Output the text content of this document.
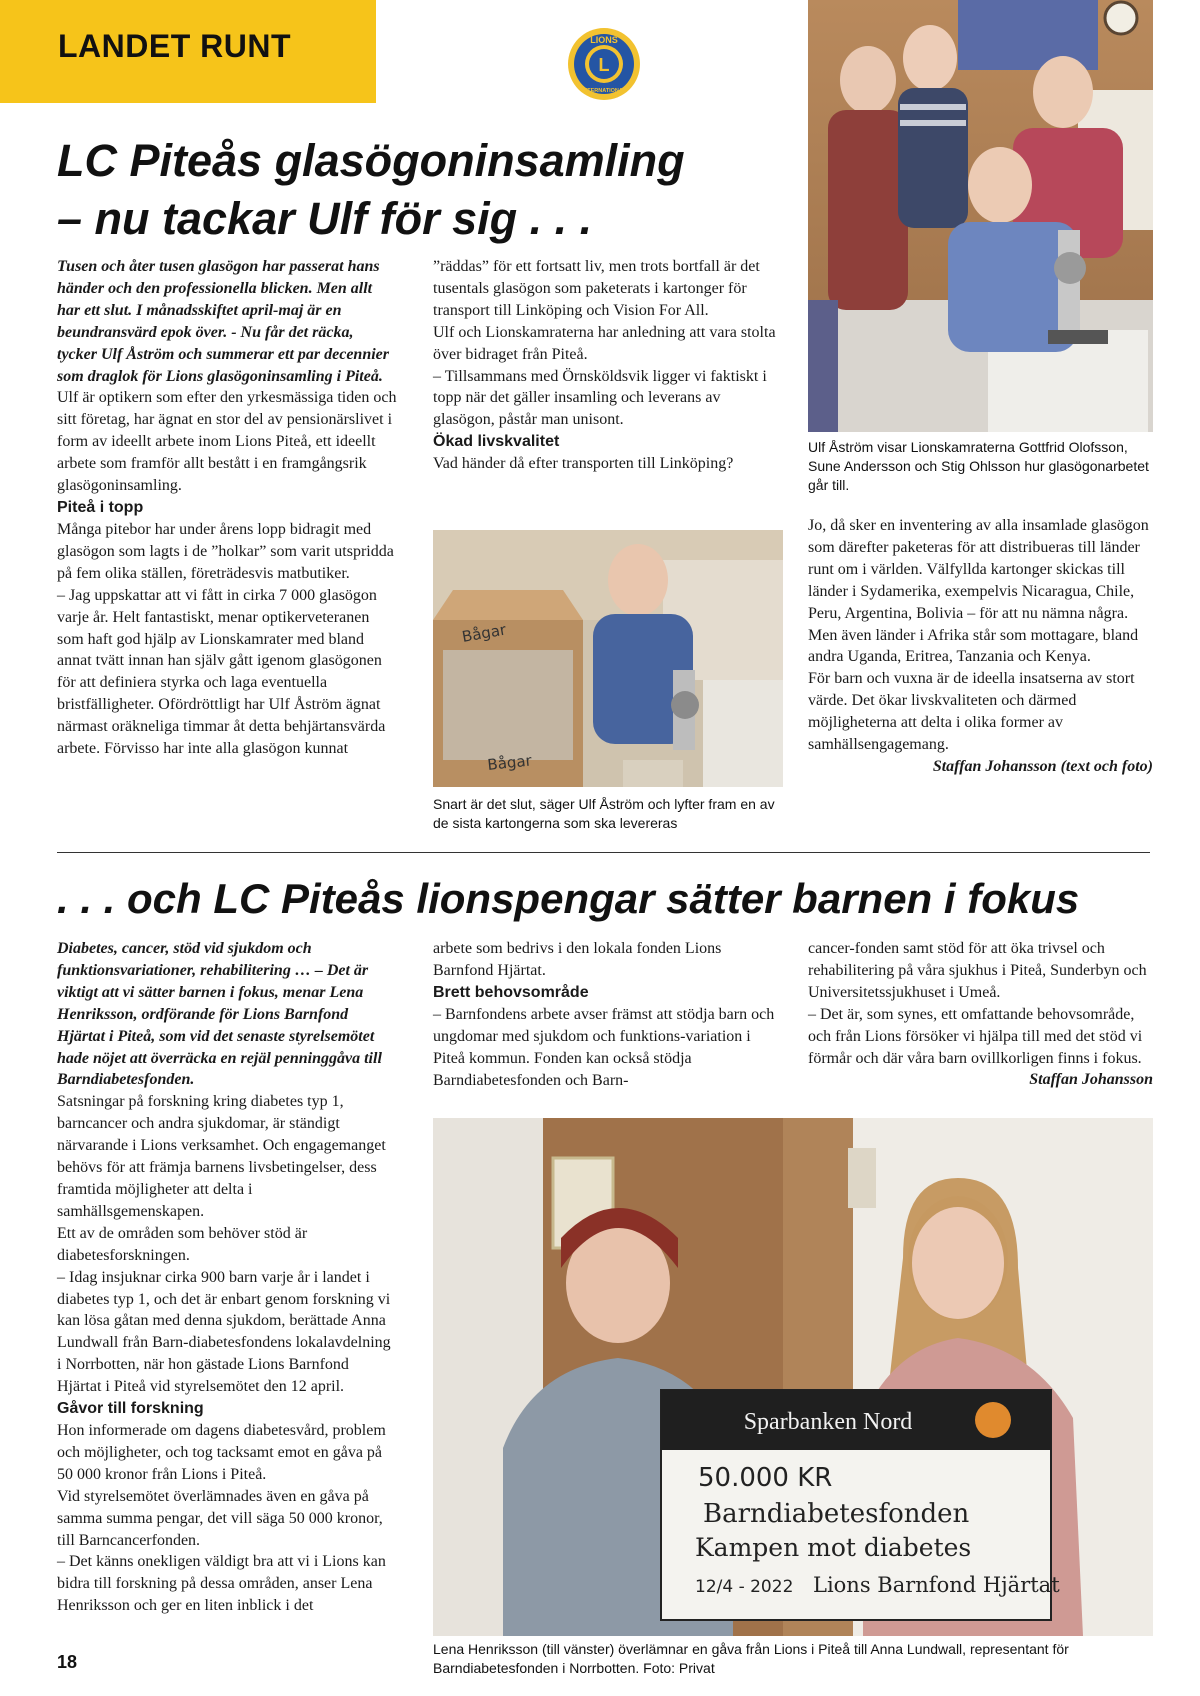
LANDET RUNT
L
LIONS
INTERNATIONAL
LC Piteås glasögoninsamling
– nu tackar Ulf för sig . . .
Ulf Åström visar Lionskamraterna Gottfrid Olofsson, Sune Andersson och Stig Ohlsson hur glasögonarbetet går till.

Tusen och åter tusen glasögon har passerat hans händer och den professionella blicken. Men allt har ett slut. I månadsskiftet april-maj är en beundransvärd epok över. - Nu får det räcka, tycker Ulf Åström och summerar ett par decennier som draglok för Lions glasögoninsamling i Piteå.

Ulf är optikern som efter den yrkesmässiga tiden och sitt företag, har ägnat en stor del av pensionärslivet i form av ideellt arbete inom Lions Piteå, ett ideellt arbete som framför allt bestått i en framgångsrik glasögoninsamling.

Piteå i topp

Många pitebor har under årens lopp bidragit med glasögon som lagts i de ”holkar” som varit utspridda på fem olika ställen, företrädesvis matbutiker.

– Jag uppskattar att vi fått in cirka 7 000 glasögon varje år. Helt fantastiskt, menar optikerveteranen som haft god hjälp av Lionskamrater med bland annat tvätt innan han själv gått igenom glasögonen för att definiera styrka och laga eventuella bristfälligheter. Ofördröttligt har Ulf Åström ägnat närmast oräkneliga timmar åt detta behjärtansvärda arbete. Förvisso har inte alla glasögon kunnat

”räddas” för ett fortsatt liv, men trots bortfall är det tusentals glasögon som paketerats i kartonger för transport till Linköping och Vision For All.

Ulf och Lionskamraterna har anledning att vara stolta över bidraget från Piteå.

– Tillsammans med Örnsköldsvik ligger vi faktiskt i topp när det gäller insamling och leverans av glasögon, påstår man unisont.

Ökad livskvalitet

Vad händer då efter transporten till Linköping?

Bågar
Bågar
Snart är det slut, säger Ulf Åström och lyfter fram en av de sista kartongerna som ska levereras

Jo, då sker en inventering av alla insamlade glasögon som därefter paketeras för att distribueras till länder runt om i världen. Välfyllda kartonger skickas till länder i Sydamerika, exempelvis Nicaragua, Chile, Peru, Argentina, Bolivia – för att nu nämna några. Men även länder i Afrika står som mottagare, bland andra Uganda, Eritrea, Tanzania och Kenya.

För barn och vuxna är de ideella insatserna av stort värde. Det ökar livskvaliteten och därmed möjligheterna att delta i olika former av samhällsengagemang.

Staffan Johansson (text och foto)

. . . och LC Piteås lionspengar sätter barnen i fokus

Diabetes, cancer, stöd vid sjukdom och funktionsvariationer, rehabilitering … – Det är viktigt att vi sätter barnen i fokus, menar Lena Henriksson, ordförande för Lions Barnfond Hjärtat i Piteå, som vid det senaste styrelsemötet hade nöjet att överräcka en rejäl penninggåva till Barndiabetesfonden.

Satsningar på forskning kring diabetes typ 1, barncancer och andra sjukdomar, är ständigt närvarande i Lions verksamhet. Och engagemanget behövs för att främja barnens livsbetingelser, dess framtida möjligheter att delta i samhällsgemenskapen.

Ett av de områden som behöver stöd är diabetesforskningen.

– Idag insjuknar cirka 900 barn varje år i landet i diabetes typ 1, och det är enbart genom forskning vi kan lösa gåtan med denna sjukdom, berättade Anna Lundwall från Barn-diabetesfondens lokalavdelning i Norrbotten, när hon gästade Lions Barnfond Hjärtat i Piteå vid styrelsemötet den 12 april.

Gåvor till forskning

Hon informerade om dagens diabetesvård, problem och möjligheter, och tog tacksamt emot en gåva på 50 000 kronor från Lions i Piteå.

Vid styrelsemötet överlämnades även en gåva på samma summa pengar, det vill säga 50 000 kronor, till Barncancerfonden.

– Det känns onekligen väldigt bra att vi i Lions kan bidra till forskning på dessa områden, anser Lena Henriksson och ger en liten inblick i det

arbete som bedrivs i den lokala fonden Lions Barnfond Hjärtat.

Brett behovsområde

– Barnfondens arbete avser främst att stödja barn och ungdomar med sjukdom och funktions-variation i Piteå kommun. Fonden kan också stödja Barndiabetesfonden och Barn-

cancer-fonden samt stöd för att öka trivsel och rehabilitering på våra sjukhus i Piteå, Sunderbyn och Universitetssjukhuset i Umeå.

– Det är, som synes, ett omfattande behovsområde, och från Lions försöker vi hjälpa till med det stöd vi förmår och där våra barn ovillkorligen finns i fokus.

Staffan Johansson

Sparbanken Nord
50.000 KR
Barndiabetesfonden
Kampen mot diabetes
12/4 - 2022 Lions Barnfond Hjärtat
Lena Henriksson (till vänster) överlämnar en gåva från Lions i Piteå till Anna Lundwall, representant för Barndiabetesfonden i Norrbotten. Foto: Privat
18
